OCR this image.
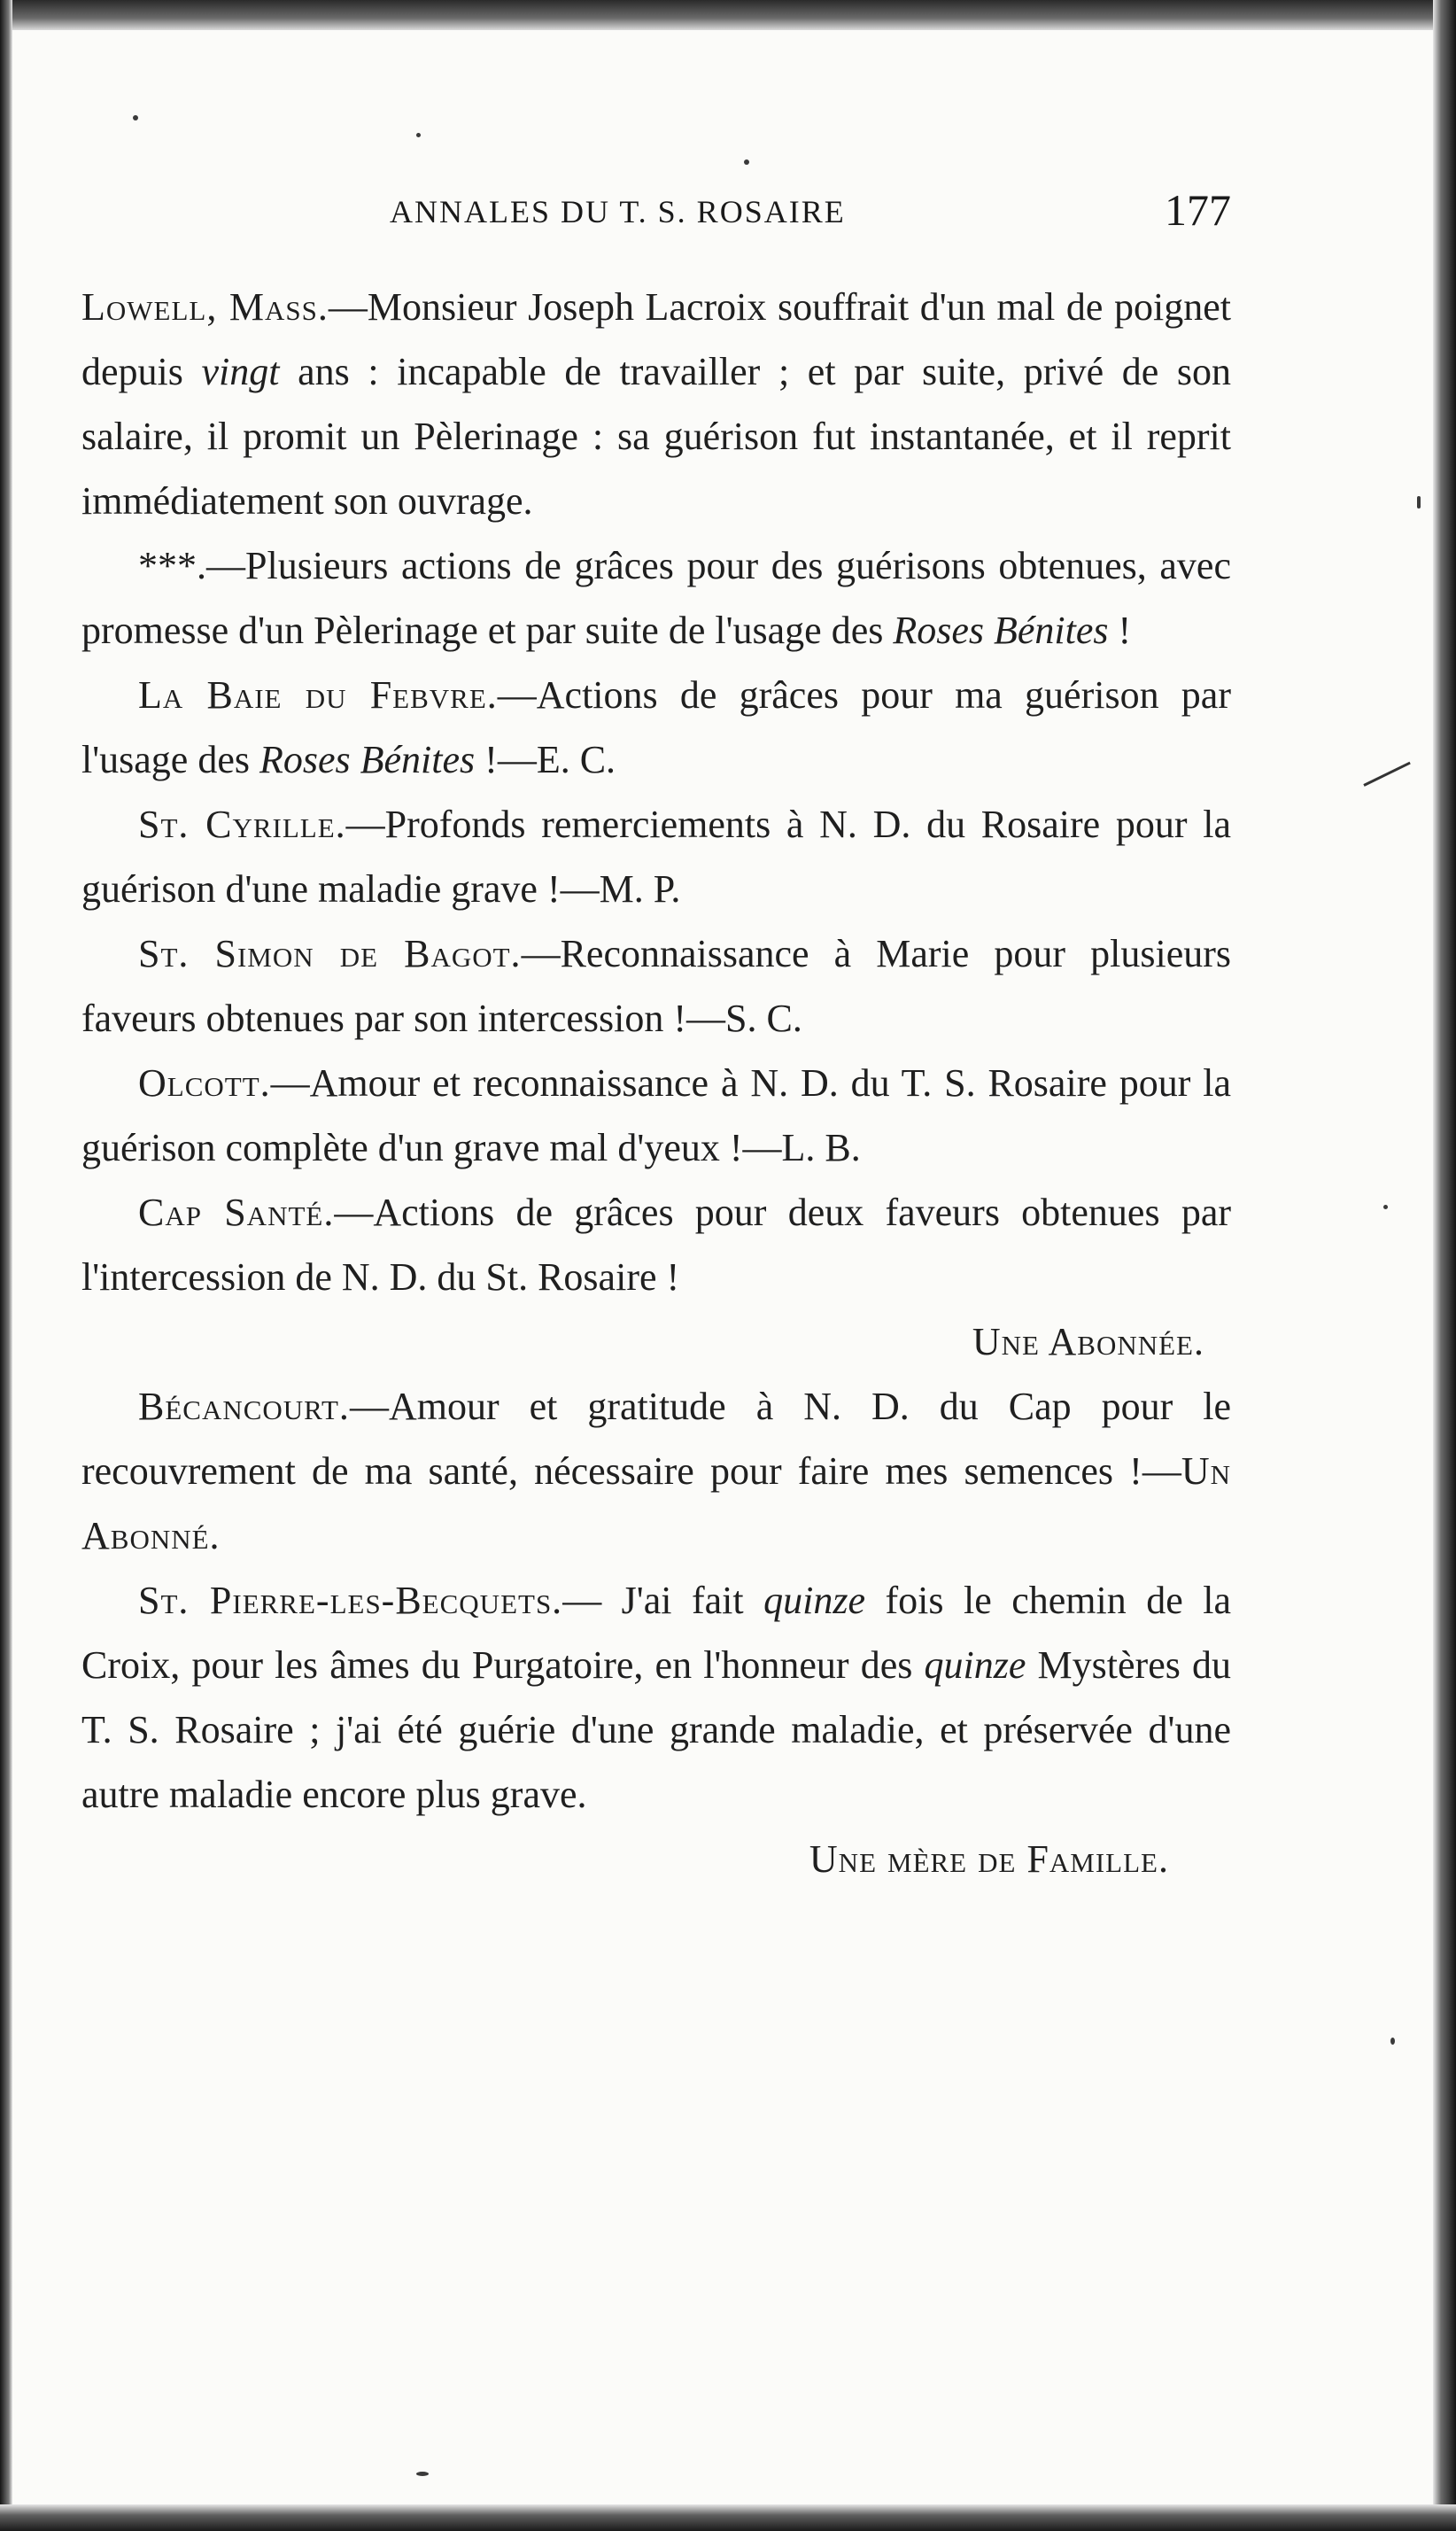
ANNALES DU T. S. ROSAIRE	177

Lowell, Mass.—Monsieur Joseph Lacroix souffrait d'un mal de poignet depuis vingt ans : incapable de travailler ; et par suite, privé de son salaire, il promit un Pèlerinage : sa guérison fut instantanée, et il reprit immédiatement son ouvrage.

***.—Plusieurs actions de grâces pour des guérisons obtenues, avec promesse d'un Pèlerinage et par suite de l'usage des Roses Bénites !

La Baie du Febvre.—Actions de grâces pour ma guérison par l'usage des Roses Bénites !—E. C.

St. Cyrille.—Profonds remerciements à N. D. du Rosaire pour la guérison d'une maladie grave !—M. P.

St. Simon de Bagot.—Reconnaissance à Marie pour plusieurs faveurs obtenues par son intercession !—S. C.

Olcott.—Amour et reconnaissance à N. D. du T. S. Rosaire pour la guérison complète d'un grave mal d'yeux !—L. B.

Cap Santé.—Actions de grâces pour deux faveurs obtenues par l'intercession de N. D. du St. Rosaire !

Une Abonnée.

Bécancourt.—Amour et gratitude à N. D. du Cap pour le recouvrement de ma santé, nécessaire pour faire mes semences !—Un Abonné.

St. Pierre-les-Becquets.— J'ai fait quinze fois le chemin de la Croix, pour les âmes du Purgatoire, en l'honneur des quinze Mystères du T. S. Rosaire ; j'ai été guérie d'une grande maladie, et préservée d'une autre maladie encore plus grave.

Une mère de Famille.
